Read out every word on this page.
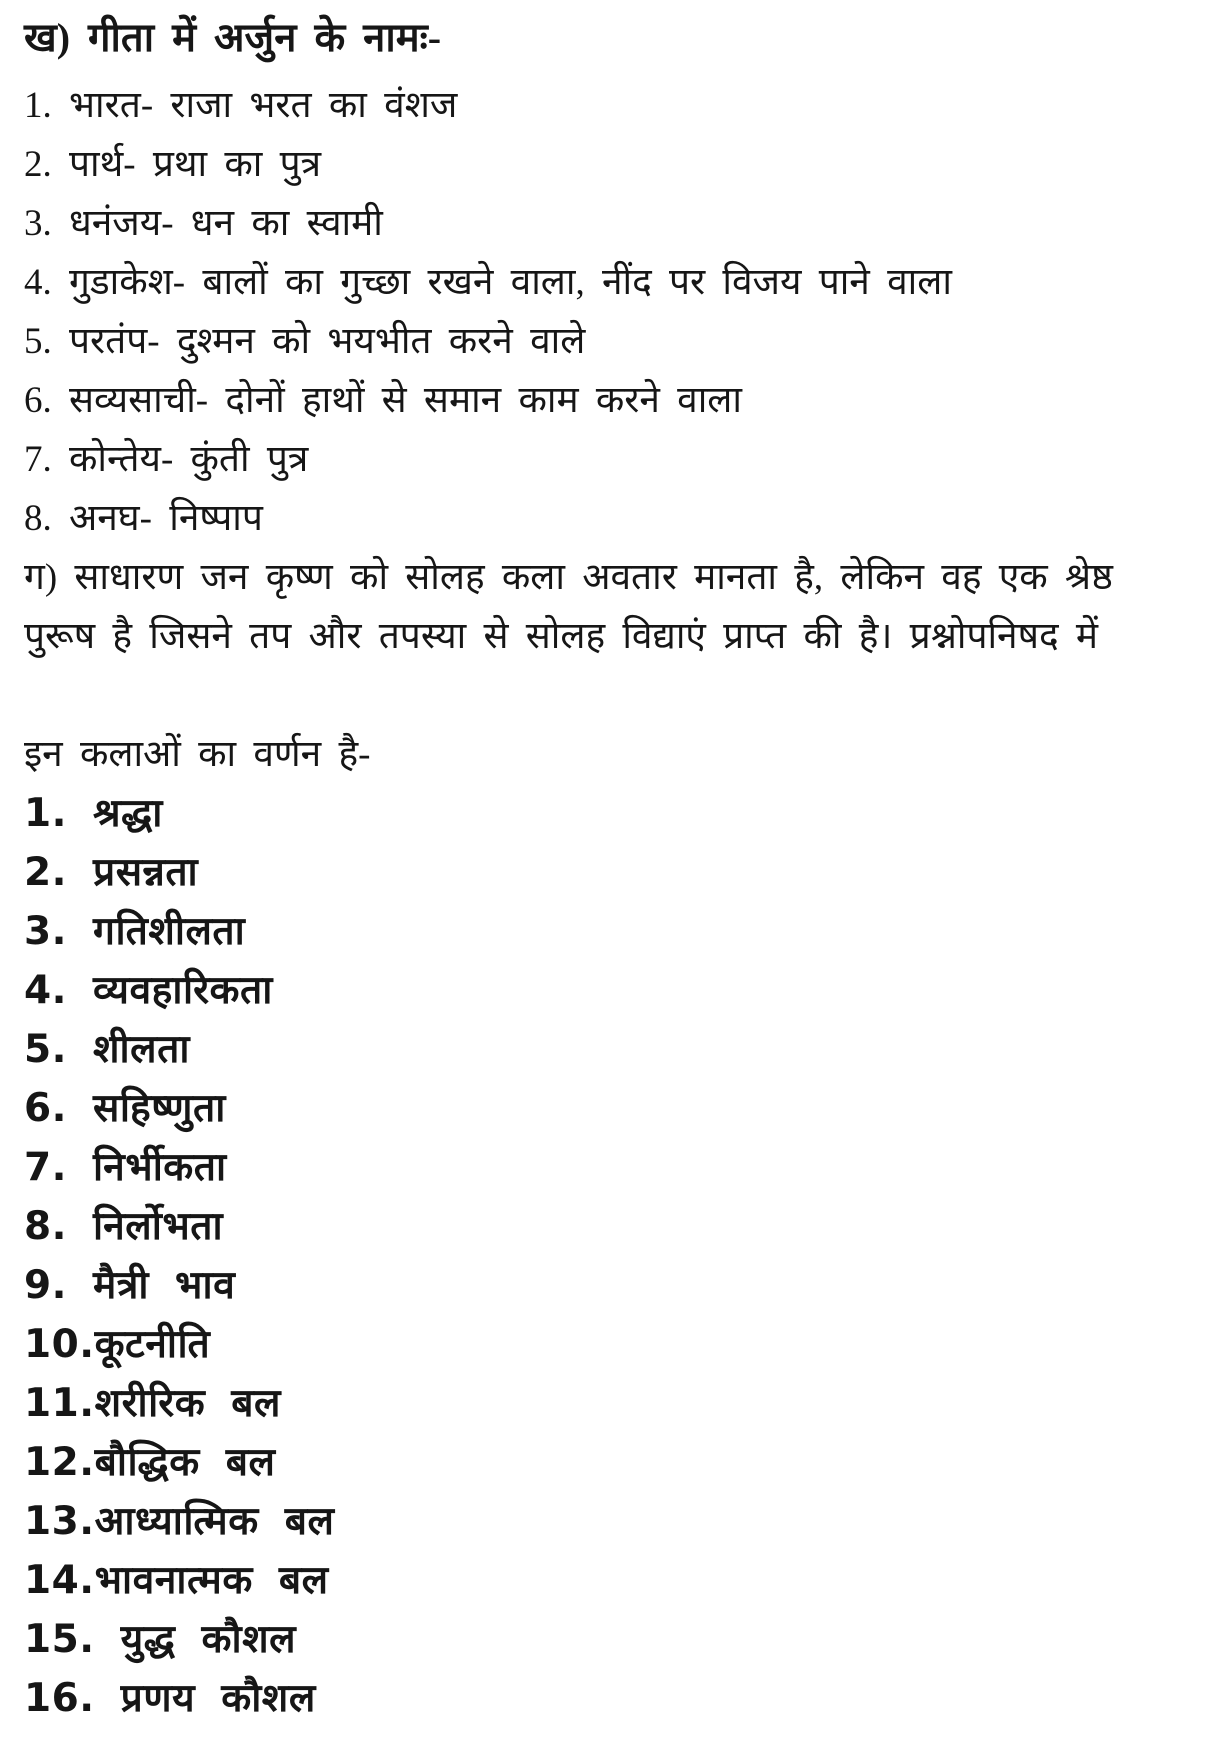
ख) गीता में अर्जुन के नामः-
1. भारत- राजा भरत का वंशज
2. पार्थ- प्रथा का पुत्र
3. धनंजय- धन का स्वामी
4. गुडाकेश- बालों का गुच्छा रखने वाला, नींद पर विजय पाने वाला
5. परतंप- दुश्मन को भयभीत करने वाले
6. सव्यसाची- दोनों हाथों से समान काम करने वाला
7. कोन्तेय- कुंती पुत्र
8. अनघ- निष्पाप

ग) साधारण जन कृष्ण को सोलह कला अवतार मानता है, लेकिन वह एक श्रेष्ठ

पुरूष है जिसने तप और तपस्या से सोलह विद्याएं प्राप्त की है। प्रश्नोपनिषद में

इन कलाओं का वर्णन है-
1. श्रद्धा
2. प्रसन्नता
3. गतिशीलता
4. व्यवहारिकता
5. शीलता
6. सहिष्णुता
7. निर्भीकता
8. निर्लोभता
9. मैत्री भाव
10.कूटनीति
11.शरीरिक बल
12.बौद्धिक बल
13.आध्यात्मिक बल
14.भावनात्मक बल
15. युद्ध कौशल
16. प्रणय कौशल
